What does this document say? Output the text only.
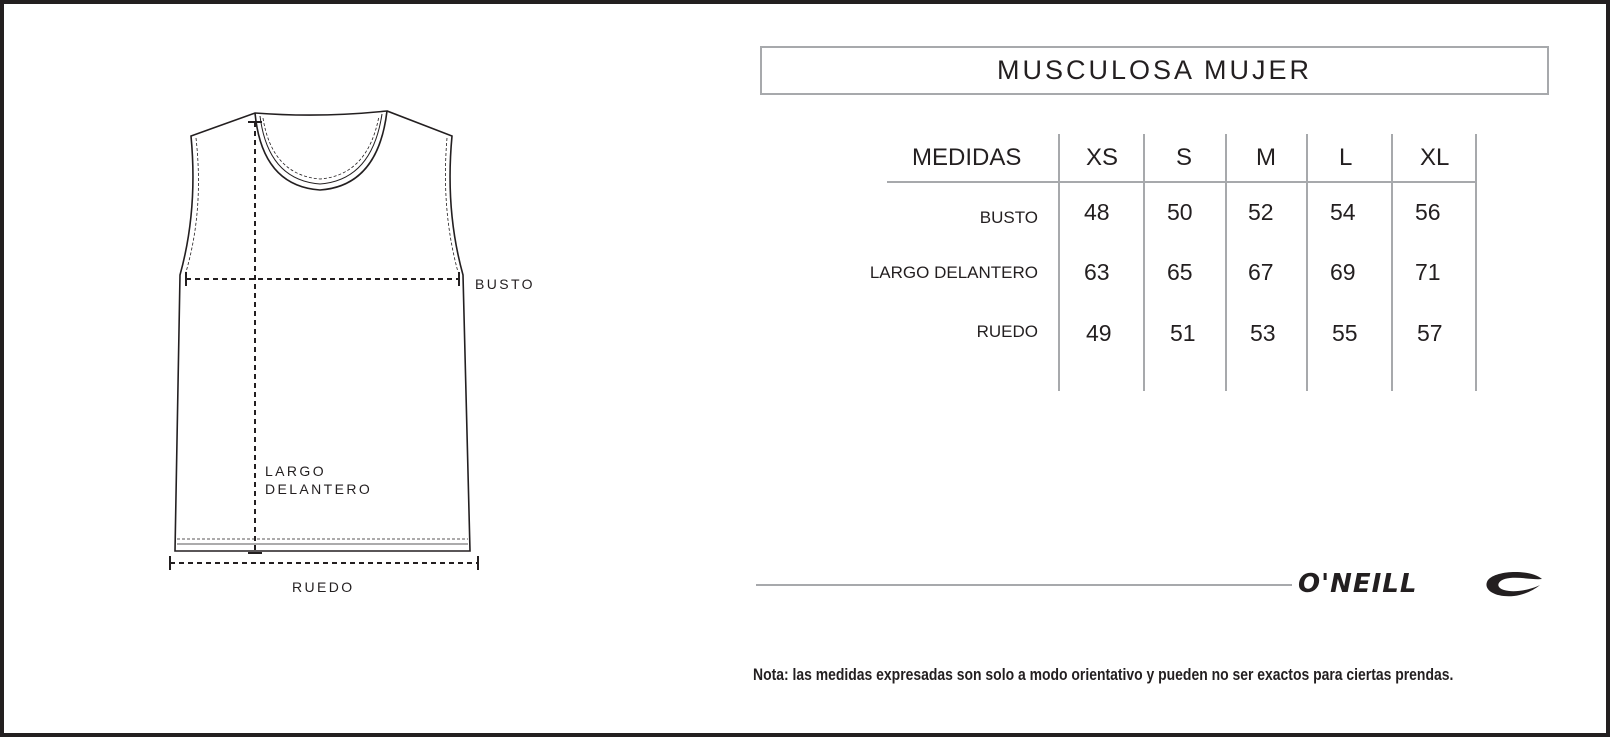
BUSTO
LARGO
DELANTERO
RUEDO
MUSCULOSA MUJER
MEDIDAS	XS S	M	L	XL
BUSTO 48 50 52 54	56
LARGO DELANTERO 63 65 67 69	71
RUEDO 49	51 53 55	57
O'NEILL
Nota: las medidas expresadas son solo a modo orientativo y pueden no ser exactos para ciertas prendas.
